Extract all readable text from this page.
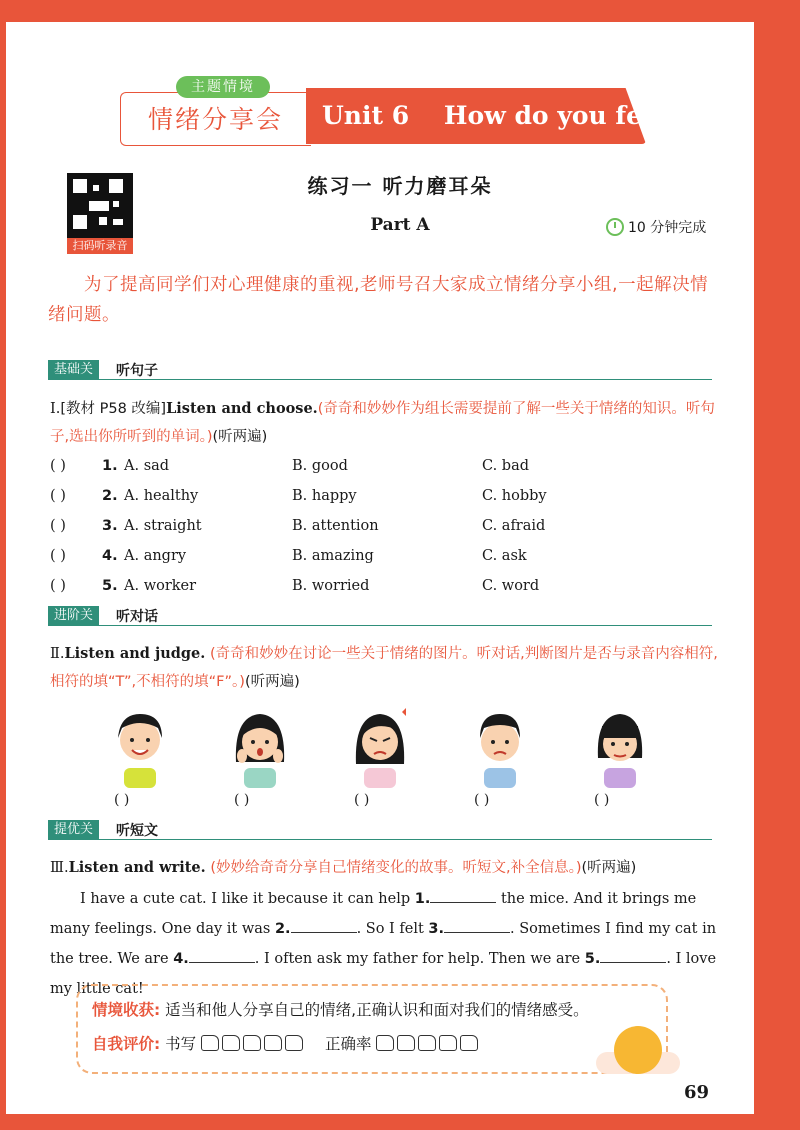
主题情境
情绪分享会 Unit 6    How do you feel?
扫码听录音
练习一 听力磨耳朵
Part A	10 分钟完成
为了提高同学们对心理健康的重视,老师号召大家成立情绪分享小组,一起解决情绪问题。
基础关	听句子
Ⅰ.[教材 P58 改编]Listen and choose.(奇奇和妙妙作为组长需要提前了解一些关于情绪的知识。听句子,选出你所听到的单词。)(听两遍)
( ) 1. A. sad	B. good	C. bad
( ) 2. A. healthy	B. happy	C. hobby
( ) 3. A. straight	B. attention	C. afraid
( ) 4. A. angry	B. amazing	C. ask
( ) 5. A. worker	B. worried	C. word
进阶关	听对话
Ⅱ.Listen and judge. (奇奇和妙妙在讨论一些关于情绪的图片。听对话,判断图片是否与录音内容相符,相符的填“T”,不相符的填“F”。)(听两遍)
( )	( )	( )	( )	( )
提优关	听短文
Ⅲ.Listen and write. (妙妙给奇奇分享自己情绪变化的故事。听短文,补全信息。)(听两遍)
I have a cute cat. I like it because it can help 1.	the mice. And it brings me many feelings. One day it was 2.	. So I felt 3.	. Sometimes I find my cat in the tree. We are 4.	. I often ask my father for help. Then we are 5.	. I love my little cat!
情境收获: 适当和他人分享自己的情绪,正确认识和面对我们的情绪感受。
自我评价: 书写	正确率
69
